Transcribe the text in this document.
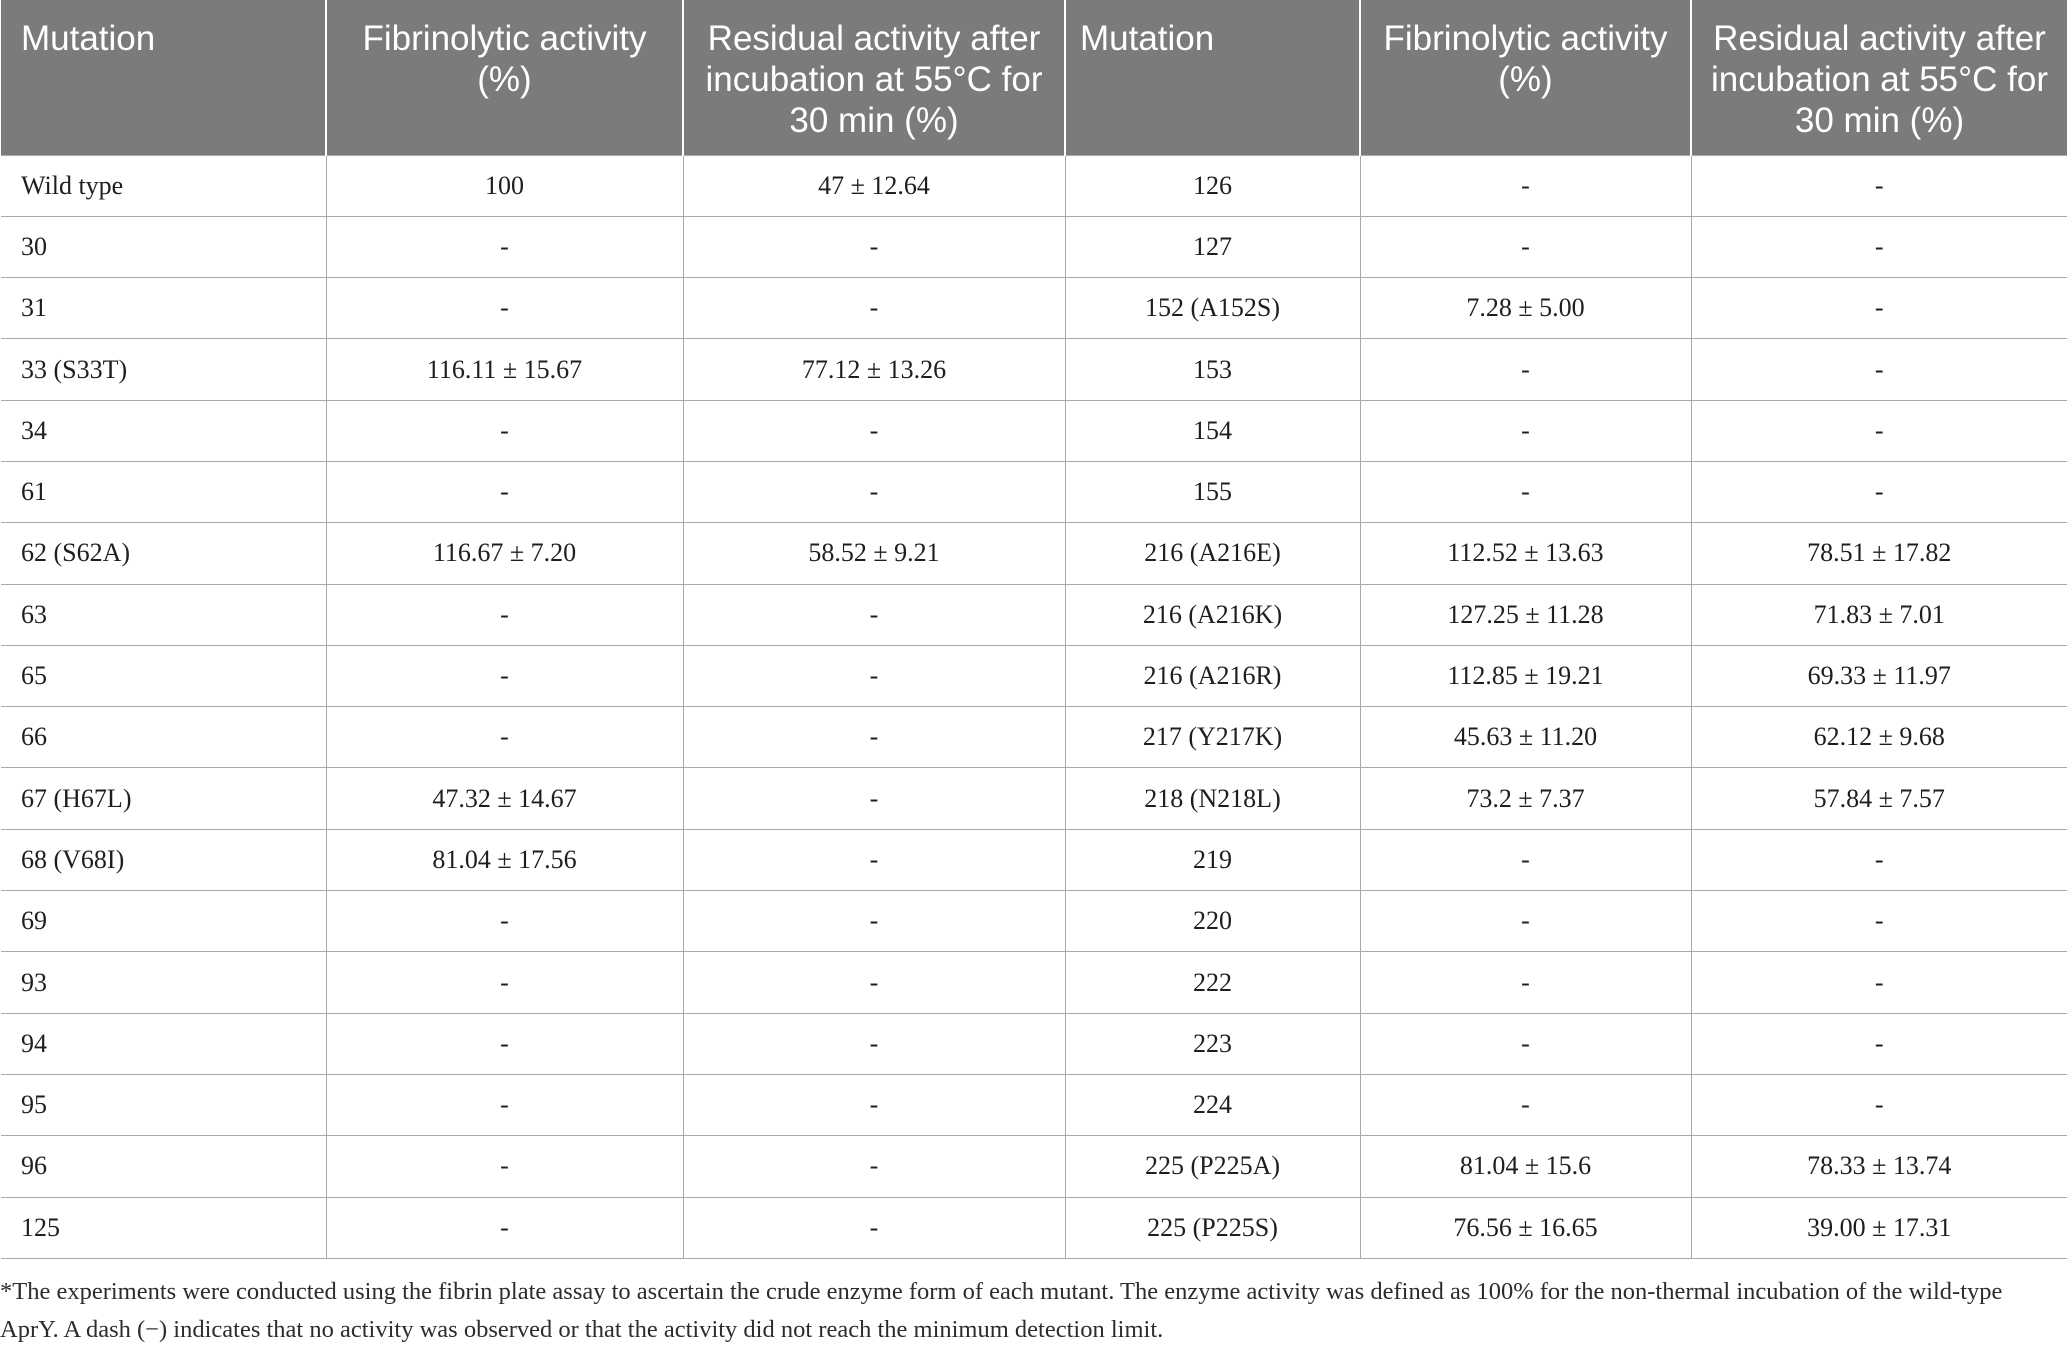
Mutation	Fibrinolytic activity (%)	Residual activity after incubation at 55°C for 30 min (%)	Mutation	Fibrinolytic activity (%)	Residual activity after incubation at 55°C for 30 min (%)
Wild type	100	47 ± 12.64	126	-	-
30	-	-	127	-	-
31	-	-	152 (A152S)	7.28 ± 5.00	-
33 (S33T)	116.11 ± 15.67	77.12 ± 13.26	153	-	-
34	-	-	154	-	-
61	-	-	155	-	-
62 (S62A)	116.67 ± 7.20	58.52 ± 9.21	216 (A216E)	112.52 ± 13.63	78.51 ± 17.82
63	-	-	216 (A216K)	127.25 ± 11.28	71.83 ± 7.01
65	-	-	216 (A216R)	112.85 ± 19.21	69.33 ± 11.97
66	-	-	217 (Y217K)	45.63 ± 11.20	62.12 ± 9.68
67 (H67L)	47.32 ± 14.67	-	218 (N218L)	73.2 ± 7.37	57.84 ± 7.57
68 (V68I)	81.04 ± 17.56	-	219	-	-
69	-	-	220	-	-
93	-	-	222	-	-
94	-	-	223	-	-
95	-	-	224	-	-
96	-	-	225 (P225A)	81.04 ± 15.6	78.33 ± 13.74
125	-	-	225 (P225S)	76.56 ± 16.65	39.00 ± 17.31
*The experiments were conducted using the fibrin plate assay to ascertain the crude enzyme form of each mutant. The enzyme activity was defined as 100% for the non-thermal incubation of the wild-type AprY. A dash (−) indicates that no activity was observed or that the activity did not reach the minimum detection limit.
